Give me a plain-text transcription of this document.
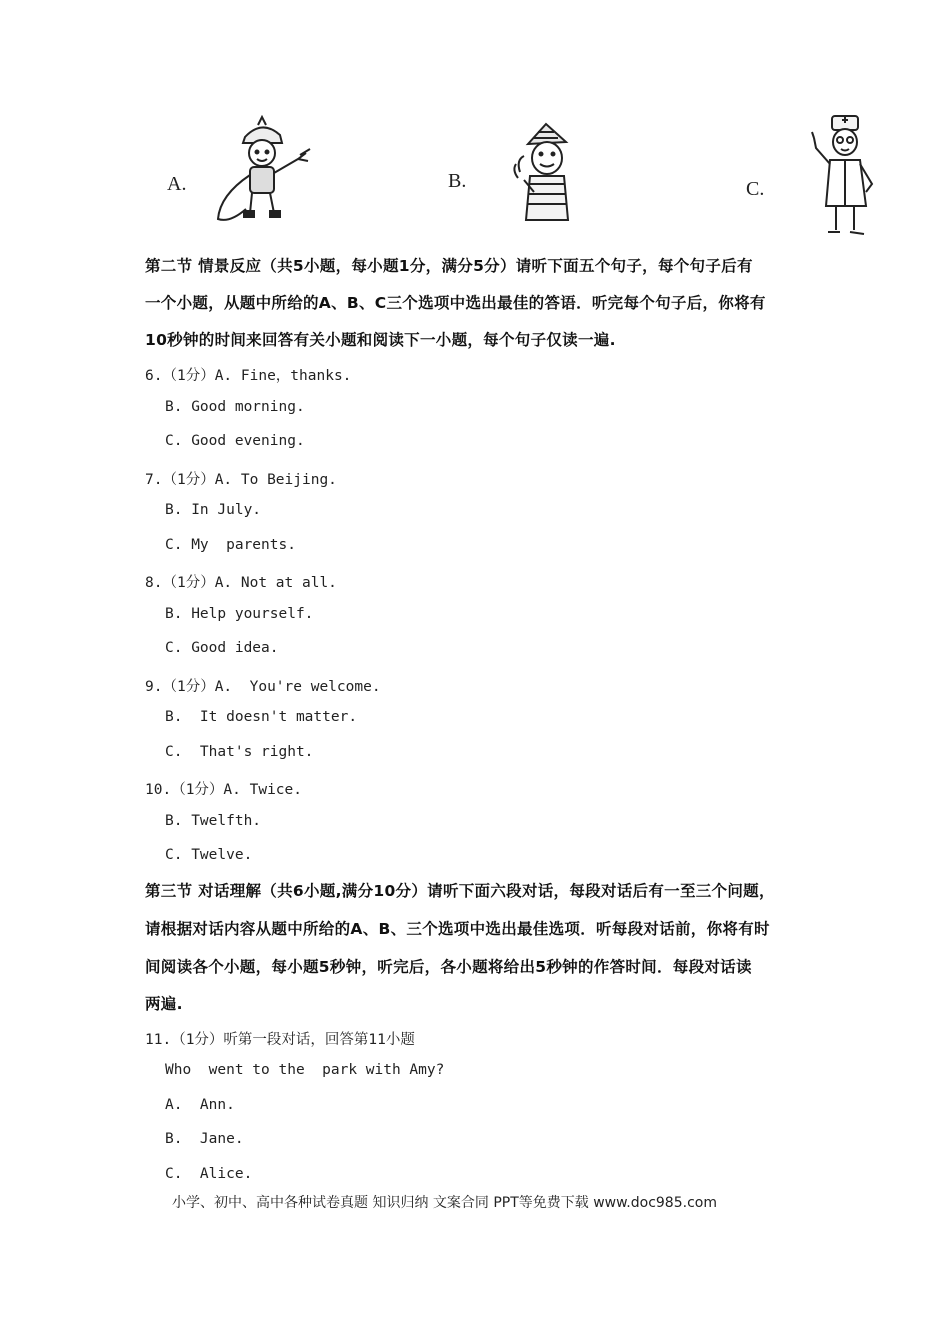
A.	B.	C.
第二节 情景反应（共5小题，每小题1分，满分5分）请听下面五个句子，每个句子后有
一个小题，从题中所给的A、B、C三个选项中选出最佳的答语．听完每个句子后，你将有
10秒钟的时间来回答有关小题和阅读下一小题，每个句子仅读一遍.
6.（1分）A. Fine，thanks.
B. Good morning.
C. Good evening.
7.（1分）A. To Beijing.
B. In July.
C. My  parents.
8.（1分）A. Not at all.
B. Help yourself.
C. Good idea.
9.（1分）A.  You're welcome.
B.  It doesn't matter.
C.  That's right.
10.（1分）A. Twice.
B. Twelfth.
C. Twelve.
第三节 对话理解（共6小题,满分10分）请听下面六段对话，每段对话后有一至三个问题，
请根据对话内容从题中所给的A、B、三个选项中选出最佳选项．听每段对话前，你将有时
间阅读各个小题，每小题5秒钟，听完后，各小题将给出5秒钟的作答时间．每段对话读
两遍.
11.（1分）听第一段对话，回答第11小题
Who  went to the  park with Amy?
A.  Ann.
B.  Jane.
C.  Alice.
小学、初中、高中各种试卷真题 知识归纳 文案合同 PPT等免费下载 www.doc985.com
